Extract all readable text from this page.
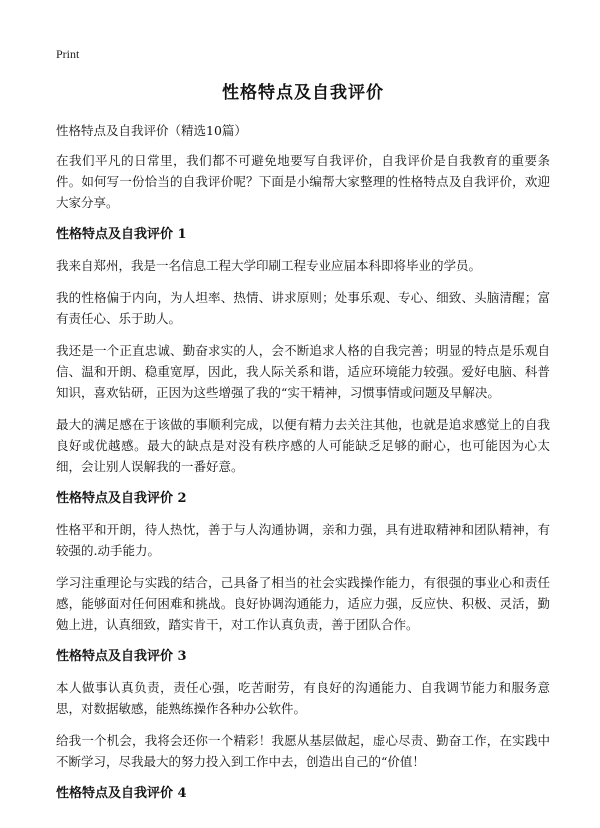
Print
性格特点及自我评价

性格特点及自我评价（精选10篇）

在我们平凡的日常里，我们都不可避免地要写自我评价，自我评价是自我教育的重要条件。如何写一份恰当的自我评价呢？下面是小编帮大家整理的性格特点及自我评价，欢迎大家分享。

性格特点及自我评价 1

我来自郑州，我是一名信息工程大学印刷工程专业应届本科即将毕业的学员。

我的性格偏于内向，为人坦率、热情、讲求原则；处事乐观、专心、细致、头脑清醒；富有责任心、乐于助人。

我还是一个正直忠诚、勤奋求实的人，会不断追求人格的自我完善；明显的特点是乐观自信、温和开朗、稳重宽厚，因此，我人际关系和谐，适应环境能力较强。爱好电脑、科普知识，喜欢钻研，正因为这些增强了我的“实干精神，习惯事情或问题及早解决。

最大的满足感在于该做的事顺利完成，以便有精力去关注其他，也就是追求感觉上的自我良好或优越感。最大的缺点是对没有秩序感的人可能缺乏足够的耐心，也可能因为心太细，会让别人误解我的一番好意。

性格特点及自我评价 2

性格平和开朗，待人热忱，善于与人沟通协调，亲和力强，具有进取精神和团队精神，有较强的.动手能力。

学习注重理论与实践的结合，己具备了相当的社会实践操作能力，有很强的事业心和责任感，能够面对任何困难和挑战。良好协调沟通能力，适应力强，反应快、积极、灵活，勤勉上进，认真细致，踏实肯干，对工作认真负责，善于团队合作。

性格特点及自我评价 3

本人做事认真负责，责任心强，吃苦耐劳，有良好的沟通能力、自我调节能力和服务意思，对数据敏感，能熟练操作各种办公软件。

给我一个机会，我将会还你一个精彩！我愿从基层做起，虚心尽责、勤奋工作，在实践中不断学习，尽我最大的努力投入到工作中去，创造出自己的“价值！

性格特点及自我评价 4
